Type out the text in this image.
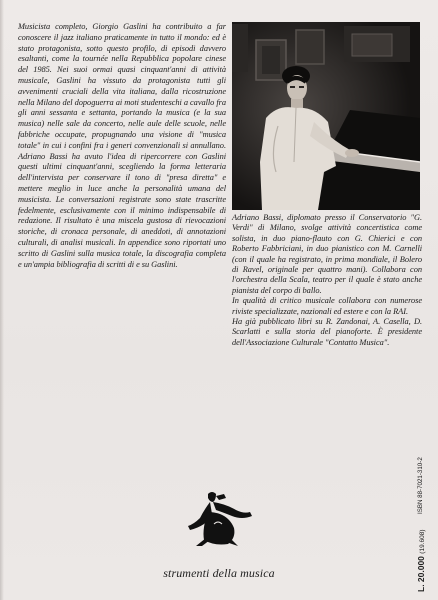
Musicista completo, Giorgio Gaslini ha contribuito a far conoscere il jazz italiano praticamente in tutto il mondo: ed è stato protagonista, sotto questo profilo, di episodi davvero esaltanti, come la tournée nella Repubblica popolare cinese del 1985. Nei suoi ormai quasi cinquant'anni di attività musicale, Gaslini ha vissuto da protagonista tutti gli avvenimenti cruciali della vita italiana, dalla ricostruzione nella Milano del dopoguerra ai moti studenteschi a cavallo fra gli anni sessanta e settanta, portando la musica (e la sua musica) nelle sale da concerto, nelle aule delle scuole, nelle fabbriche occupate, propugnando una visione di "musica totale" in cui i confini fra i generi convenzionali si annullano. Adriano Bassi ha avuto l'idea di ripercorrere con Gaslini questi ultimi cinquant'anni, scegliendo la forma letteraria dell'intervista per conservare il tono di "presa diretta" e mettere meglio in luce anche la personalità umana del musicista. Le conversazioni registrate sono state trascritte fedelmente, esclusivamente con il minimo indispensabile di redazione. Il risultato è una miscela gustosa di rievocazioni storiche, di cronaca personale, di aneddoti, di annotazioni culturali, di analisi musicali. In appendice sono riportati uno scritto di Gaslini sulla musica totale, la discografia completa e un'ampia bibliografia di scritti di e su Gaslini.

Adriano Bassi, diplomato presso il Conservatorio "G. Verdi" di Milano, svolge attività concertistica come solista, in duo piano-flauto con G. Chierici e con Roberto Fabbriciani, in duo pianistico con M. Carnelli (con il quale ha registrato, in prima mondiale, il Bolero di Ravel, originale per quattro mani). Collabora con l'orchestra della Scala, teatro per il quale è stato anche pianista del corpo di ballo.

In qualità di critico musicale collabora con numerose riviste specializzate, nazionali ed estere e con la RAI.

Ha già pubblicato libri su R. Zandonai, A. Casella, D. Scarlatti e sulla storia del pianoforte. È presidente dell'Associazione Culturale "Contatto Musica".

strumenti della musica	L. 20.000 (19.608)
ISBN 88-7021-310-2
